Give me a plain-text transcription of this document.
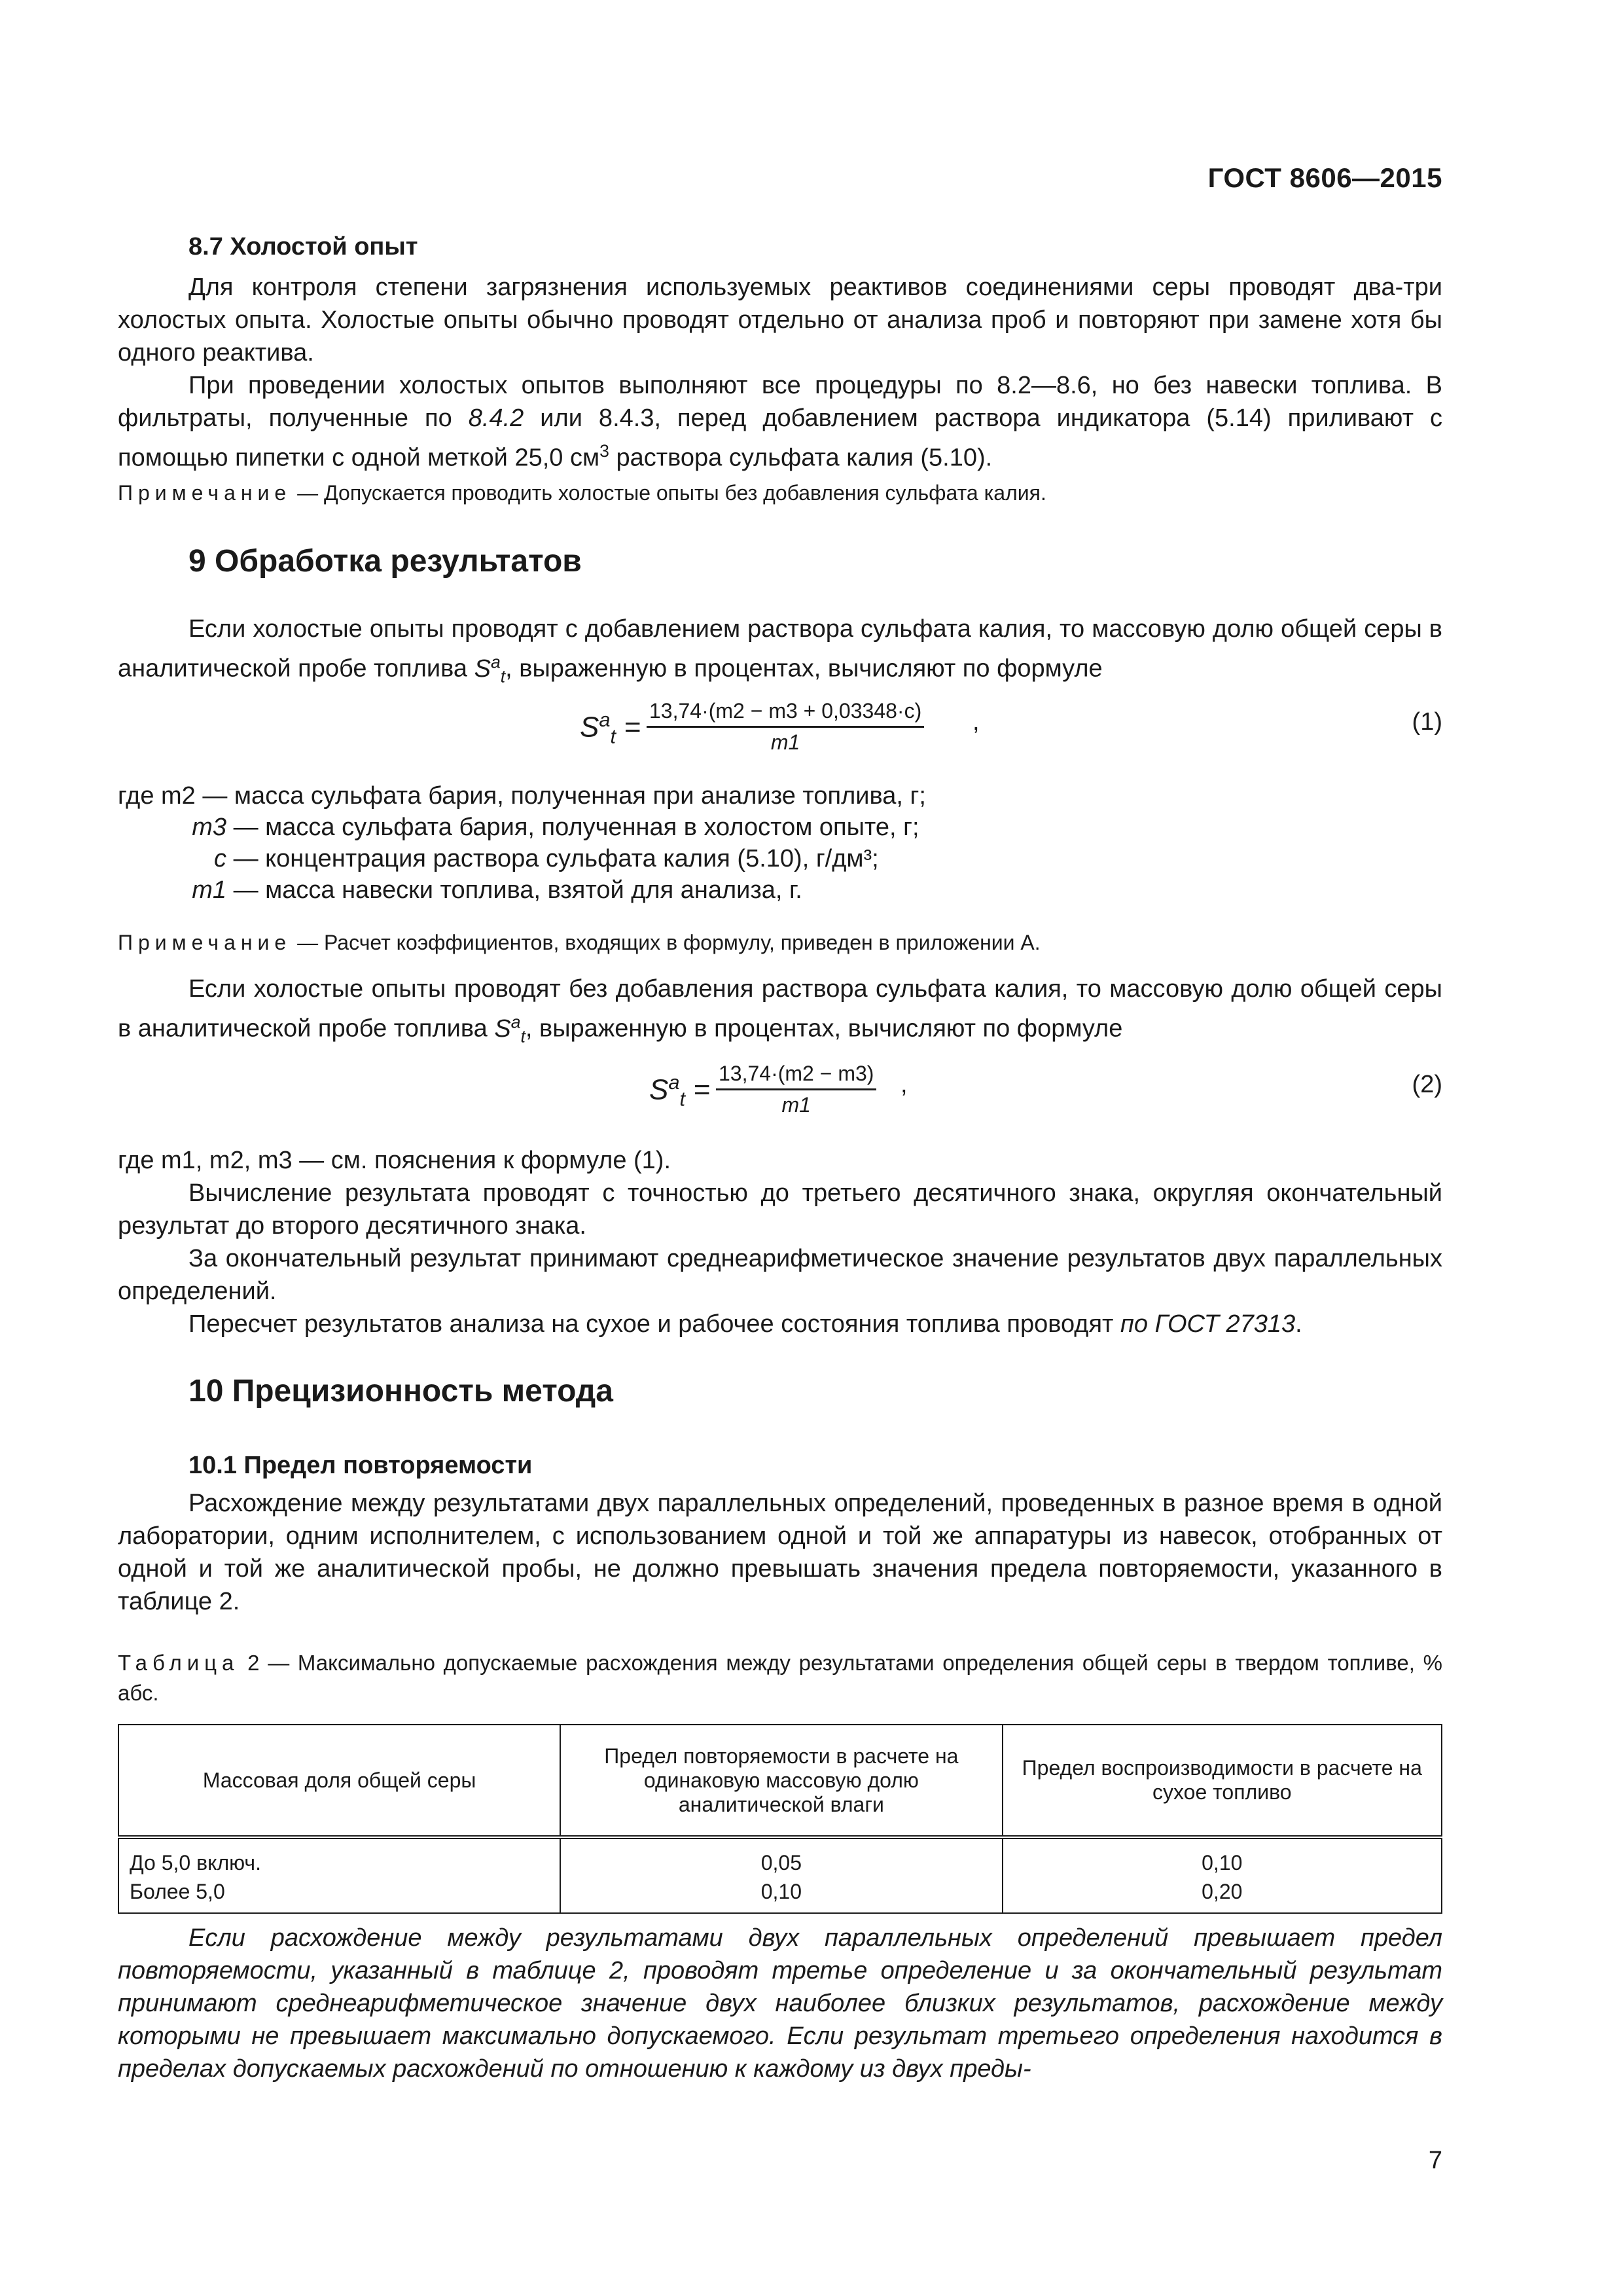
ГОСТ 8606—2015

8.7 Холостой опыт

Для контроля степени загрязнения используемых реактивов соединениями серы проводят два-три холостых опыта. Холостые опыты обычно проводят отдельно от анализа проб и повторяют при замене хотя бы одного реактива.

При проведении холостых опытов выполняют все процедуры по 8.2—8.6, но без навески топлива. В фильтраты, полученные по 8.4.2 или 8.4.3, перед добавлением раствора индикатора (5.14) приливают с помощью пипетки с одной меткой 25,0 $см^3$ раствора сульфата калия (5.10).

Примечание — Допускается проводить холостые опыты без добавления сульфата калия.

9 Обработка результатов

Если холостые опыты проводят с добавлением раствора сульфата калия, то массовую долю общей серы в аналитической пробе топлива $S^a_t$, выраженную в процентах, вычисляют по формуле

$S^a_t = \frac{13,74\cdot(m2 - m3 + 0,03348\cdot c)}{m1}$ ,	(1)
где m2 — масса сульфата бария, полученная при анализе топлива, г;
m3 — масса сульфата бария, полученная в холостом опыте, г;
c — концентрация раствора сульфата калия (5.10), г/дм³;
m1 — масса навески топлива, взятой для анализа, г.

Примечание — Расчет коэффициентов, входящих в формулу, приведен в приложении А.

Если холостые опыты проводят без добавления раствора сульфата калия, то массовую долю общей серы в аналитической пробе топлива $S^a_t$, выраженную в процентах, вычисляют по формуле

$S^a_t = \frac{13,74\cdot(m2 - m3)}{m1}$ ,	(2)

где m1, m2, m3 — см. пояснения к формуле (1).

Вычисление результата проводят с точностью до третьего десятичного знака, округляя окончательный результат до второго десятичного знака.

За окончательный результат принимают среднеарифметическое значение результатов двух параллельных определений.

Пересчет результатов анализа на сухое и рабочее состояния топлива проводят по ГОСТ 27313.

10 Прецизионность метода

10.1 Предел повторяемости

Расхождение между результатами двух параллельных определений, проведенных в разное время в одной лаборатории, одним исполнителем, с использованием одной и той же аппаратуры из навесок, отобранных от одной и той же аналитической пробы, не должно превышать значения предела повторяемости, указанного в таблице 2.

Таблица 2 — Максимально допускаемые расхождения между результатами определения общей серы в твердом топливе, % абс.

Массовая доля общей серы	Предел повторяемости в расчете на одинаковую массовую долю аналитической влаги	Предел воспроизводимости в расчете на сухое топливо
До 5,0 включ.	0,05	0,10
Более 5,0	0,10	0,20

Если расхождение между результатами двух параллельных определений превышает предел повторяемости, указанный в таблице 2, проводят третье определение и за окончательный результат принимают среднеарифметическое значение двух наиболее близких результатов, расхождение между которыми не превышает максимально допускаемого. Если результат третьего определения находится в пределах допускаемых расхождений по отношению к каждому из двух преды-

7
